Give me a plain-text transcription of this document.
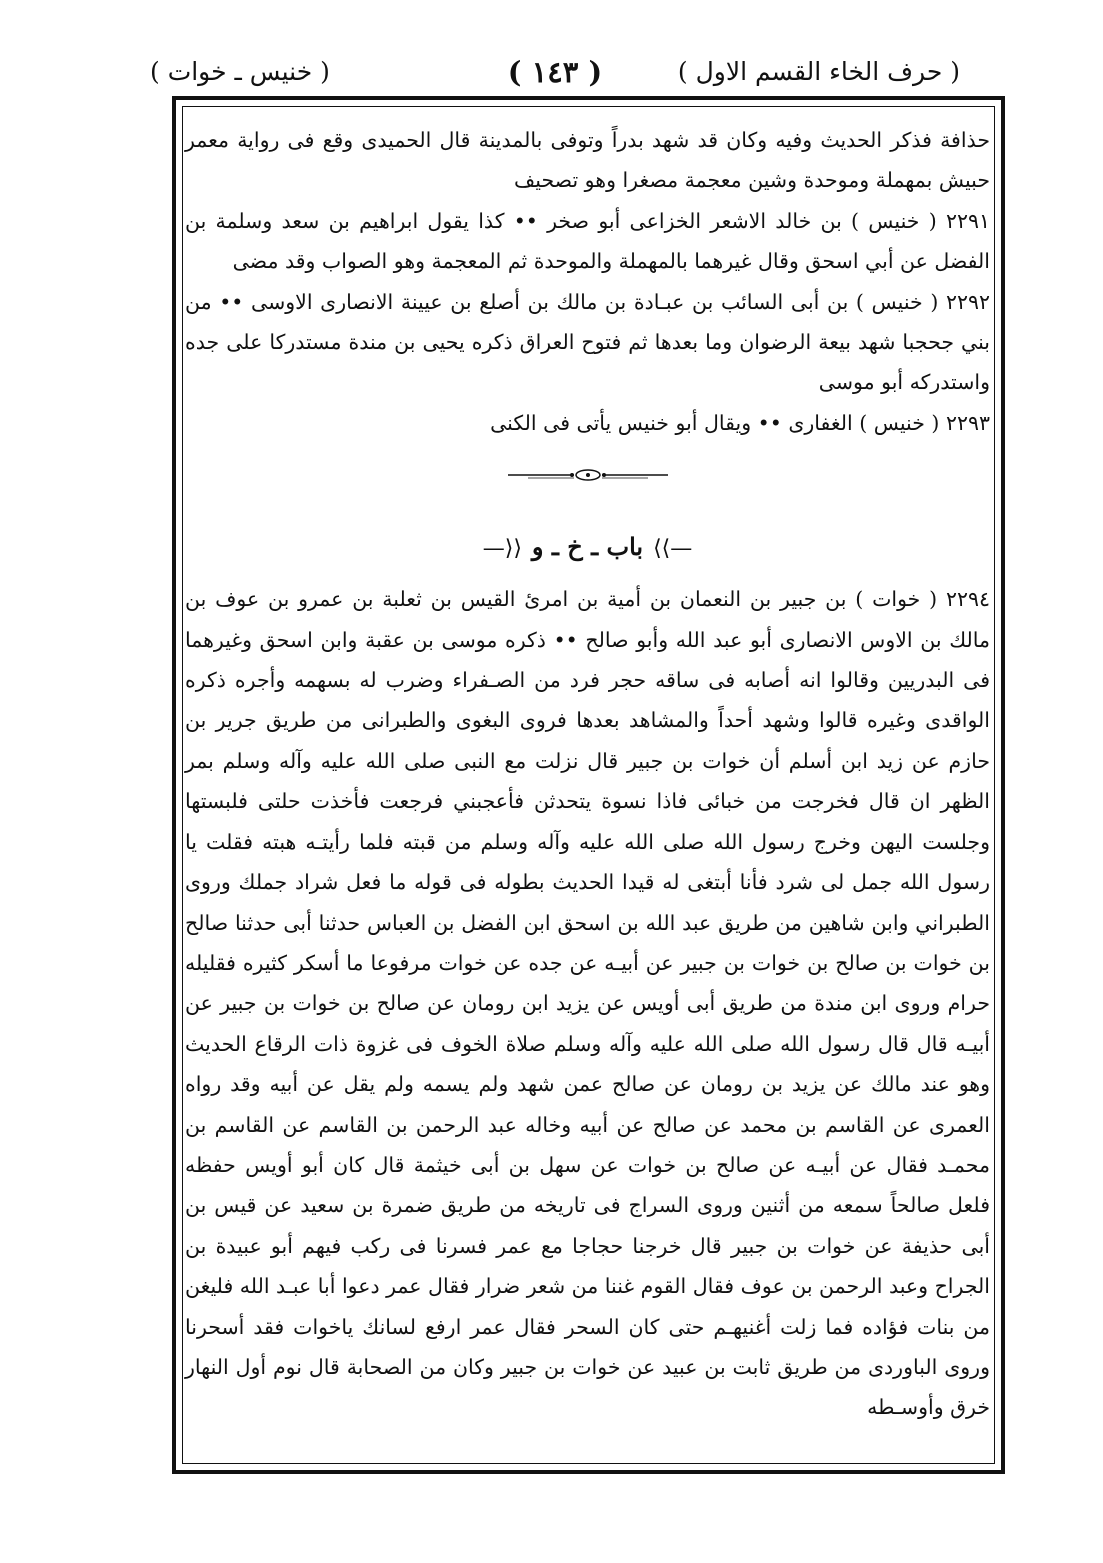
( حرف الخاء القسم الاول )
( ١٤٣ )
( خنيس ـ خوات )

حذافة فذكر الحديث وفيه وكان قد شهد بدراً وتوفى بالمدينة قال الحميدى وقع فى رواية معمر حبيش بمهملة وموحدة وشين معجمة مصغرا وهو تصحيف

٢٢٩١ ( خنيس ) بن خالد الاشعر الخزاعى أبو صخر •• كذا يقول ابراهيم بن سعد وسلمة بن الفضل عن أبي اسحق وقال غيرهما بالمهملة والموحدة ثم المعجمة وهو الصواب وقد مضى

٢٢٩٢ ( خنيس ) بن أبى السائب بن عبـادة بن مالك بن أصلع بن عيينة الانصارى الاوسى •• من بني جحجبا شهد بيعة الرضوان وما بعدها ثم فتوح العراق ذكره يحيى بن مندة مستدركا على جده واستدركه أبو موسى

٢٢٩٣ ( خنيس ) الغفارى •• ويقال أبو خنيس يأتى فى الكنى

—⟩⟩باب ـ خ ـ و⟨⟨—

٢٢٩٤ ( خوات ) بن جبير بن النعمان بن أمية بن امرئ القيس بن ثعلبة بن عمرو بن عوف بن مالك بن الاوس الانصارى أبو عبد الله وأبو صالح •• ذكره موسى بن عقبة وابن اسحق وغيرهما فى البدريين وقالوا انه أصابه فى ساقه حجر فرد من الصـفراء وضرب له بسهمه وأجره ذكره الواقدى وغيره قالوا وشهد أحداً والمشاهد بعدها فروى البغوى والطبرانى من طريق جرير بن حازم عن زيد ابن أسلم أن خوات بن جبير قال نزلت مع النبى صلى الله عليه وآله وسلم بمر الظهر ان قال فخرجت من خبائى فاذا نسوة يتحدثن فأعجبني فرجعت فأخذت حلتى فلبستها وجلست اليهن وخرج رسول الله صلى الله عليه وآله وسلم من قبته فلما رأيتـه هبته فقلت يا رسول الله جمل لى شرد فأنا أبتغى له قيدا الحديث بطوله فى قوله ما فعل شراد جملك وروى الطبراني وابن شاهين من طريق عبد الله بن اسحق ابن الفضل بن العباس حدثنا أبى حدثنا صالح بن خوات بن صالح بن خوات بن جبير عن أبيـه عن جده عن خوات مرفوعا ما أسكر كثيره فقليله حرام وروى ابن مندة من طريق أبى أويس عن يزيد ابن رومان عن صالح بن خوات بن جبير عن أبيـه قال قال رسول الله صلى الله عليه وآله وسلم صلاة الخوف فى غزوة ذات الرقاع الحديث وهو عند مالك عن يزيد بن رومان عن صالح عمن شهد ولم يسمه ولم يقل عن أبيه وقد رواه العمرى عن القاسم بن محمد عن صالح عن أبيه وخاله عبد الرحمن بن القاسم عن القاسم بن محمـد فقال عن أبيـه عن صالح بن خوات عن سهل بن أبى خيثمة قال كان أبو أويس حفظه فلعل صالحاً سمعه من أثنين وروى السراج فى تاريخه من طريق ضمرة بن سعيد عن قيس بن أبى حذيفة عن خوات بن جبير قال خرجنا حجاجا مع عمر فسرنا فى ركب فيهم أبو عبيدة بن الجراح وعبد الرحمن بن عوف فقال القوم غننا من شعر ضرار فقال عمر دعوا أبا عبـد الله فليغن من بنات فؤاده فما زلت أغنيهـم حتى كان السحر فقال عمر ارفع لسانك ياخوات فقد أسحرنا وروى الباوردى من طريق ثابت بن عبيد عن خوات بن جبير وكان من الصحابة قال نوم أول النهار خرق وأوسـطه
